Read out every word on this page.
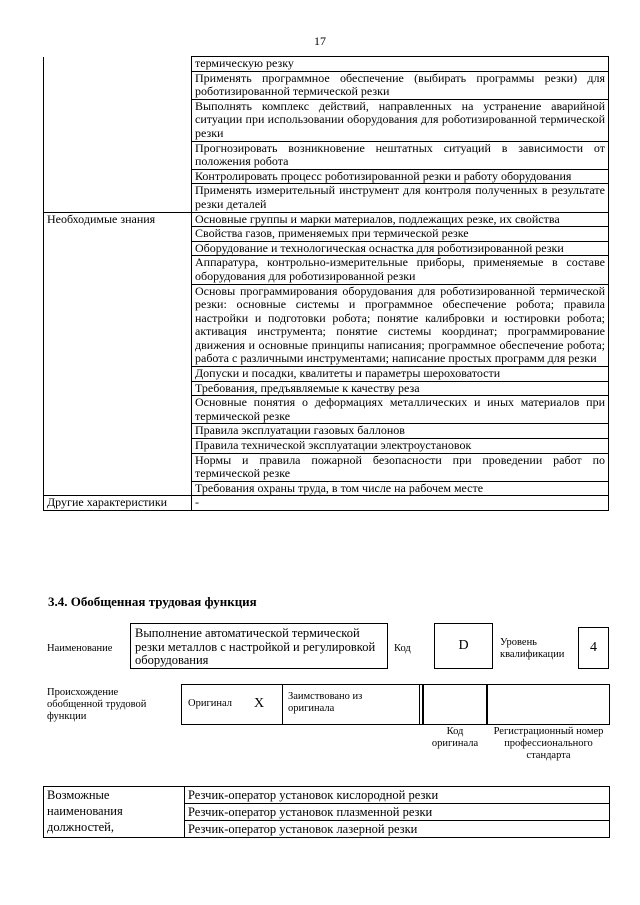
17
	термическую резку
	Применять программное обеспечение (выбирать программы резки) для роботизированной термической резки
	Выполнять комплекс действий, направленных на устранение аварийной ситуации при использовании оборудования для роботизированной термической резки
	Прогнозировать возникновение нештатных ситуаций в зависимости от положения робота
	Контролировать процесс роботизированной резки и работу оборудования
	Применять измерительный инструмент для контроля полученных в результате резки деталей
Необходимые знания	Основные группы и марки материалов, подлежащих резке, их свойства
	Свойства газов, применяемых при термической резке
	Оборудование и технологическая оснастка для роботизированной резки
	Аппаратура, контрольно-измерительные приборы, применяемые в составе оборудования для роботизированной резки
	Основы программирования оборудования для роботизированной термической резки: основные системы и программное обеспечение робота; правила настройки и подготовки робота; понятие калибровки и юстировки робота; активация инструмента; понятие системы координат; программирование движения и основные принципы написания; программное обеспечение робота; работа с различными инструментами; написание простых программ для резки
	Допуски и посадки, квалитеты и параметры шероховатости
	Требования, предъявляемые к качеству реза
	Основные понятия о деформациях металлических и иных материалов при термической резке
	Правила эксплуатации газовых баллонов
	Правила технической эксплуатации электроустановок
	Нормы и правила пожарной безопасности при проведении работ по термической резке
	Требования охраны труда, в том числе на рабочем месте
Другие характеристики	-
3.4. Обобщенная трудовая функция
Наименование
Выполнение автоматической термической резки металлов с настройкой и регулировкой оборудования
Код	D	Уровень квалификации	4
Происхождение обобщенной трудовой функции
Оригинал X Заимствовано из оригинала
Код оригинала
Регистрационный номер профессионального стандарта
Возможные наименования должностей,	
Резчик-оператор установок кислородной резки
Резчик-оператор установок плазменной резки
Резчик-оператор установок лазерной резки
